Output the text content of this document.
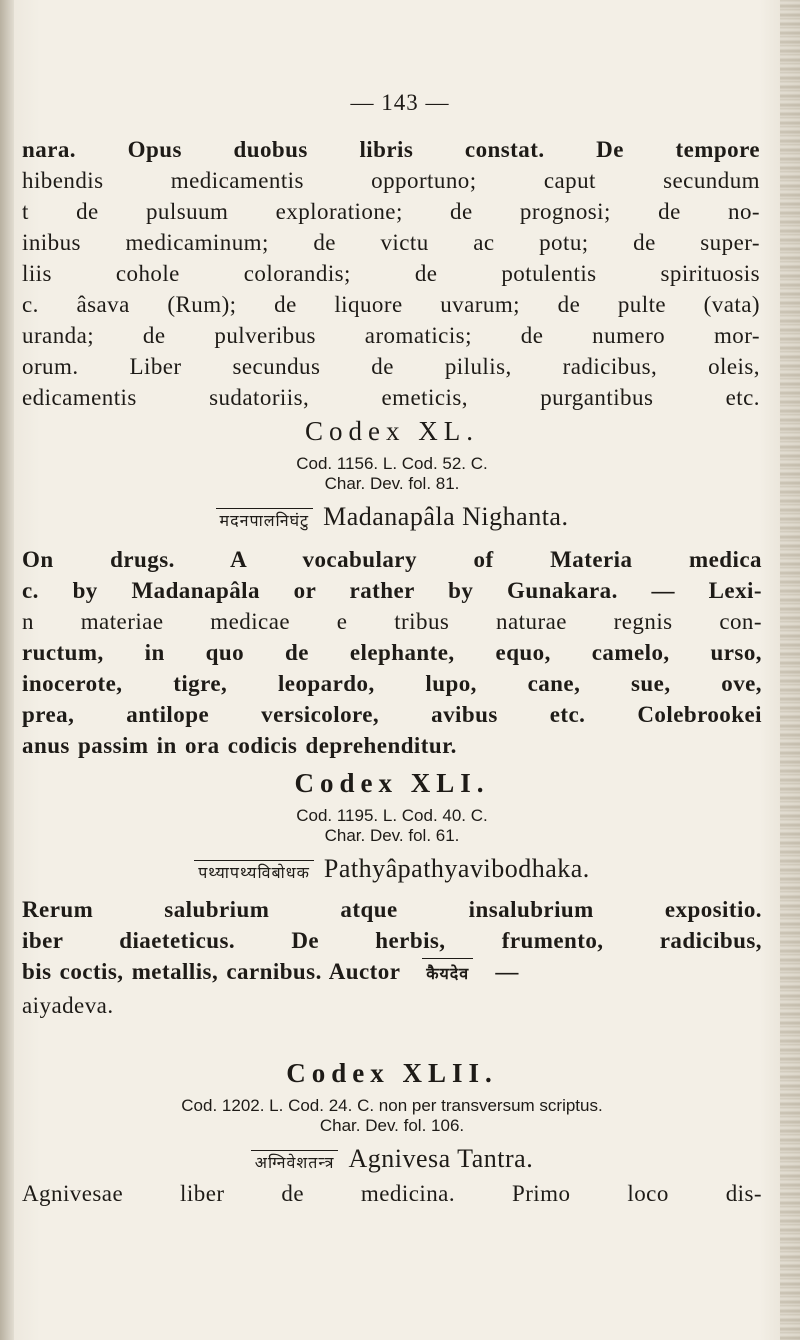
— 143 —
nara. Opus duobus libris constat. De tempore
hibendis medicamentis opportuno; caput secundum
t de pulsuum exploratione; de prognosi; de no-
inibus medicaminum; de victu ac potu; de super-
liis cohole colorandis; de potulentis spirituosis
c. âsava (Rum); de liquore uvarum; de pulte (vata)
uranda; de pulveribus aromaticis; de numero mor-
orum. Liber secundus de pilulis, radicibus, oleis,
edicamentis sudatoriis, emeticis, purgantibus etc.
Codex XL.
Cod. 1156. L. Cod. 52. C.
Char. Dev. fol. 81.
मदनपालनिघंटु Madanapâla Nighanta.
On drugs. A vocabulary of Materia medica
c. by Madanapâla or rather by Gunakara. — Lexi-
n materiae medicae e tribus naturae regnis con-
ructum, in quo de elephante, equo, camelo, urso,
inocerote, tigre, leopardo, lupo, cane, sue, ove,
prea, antilope versicolore, avibus etc. Colebrookei
anus passim in ora codicis deprehenditur.
Codex XLI.
Cod. 1195. L. Cod. 40. C.
Char. Dev. fol. 61.
पथ्यापथ्यविबोधक Pathyâpathyavibodhaka.
Rerum salubrium atque insalubrium expositio.
iber diaeteticus. De herbis, frumento, radicibus,
bis coctis, metallis, carnibus. Auctor कैयदेव —
aiyadeva.
Codex XLII.
Cod. 1202. L. Cod. 24. C. non per transversum scriptus.
Char. Dev. fol. 106.
अग्निवेशतन्त्र Agnivesa Tantra.
Agnivesae liber de medicina. Primo loco dis-
